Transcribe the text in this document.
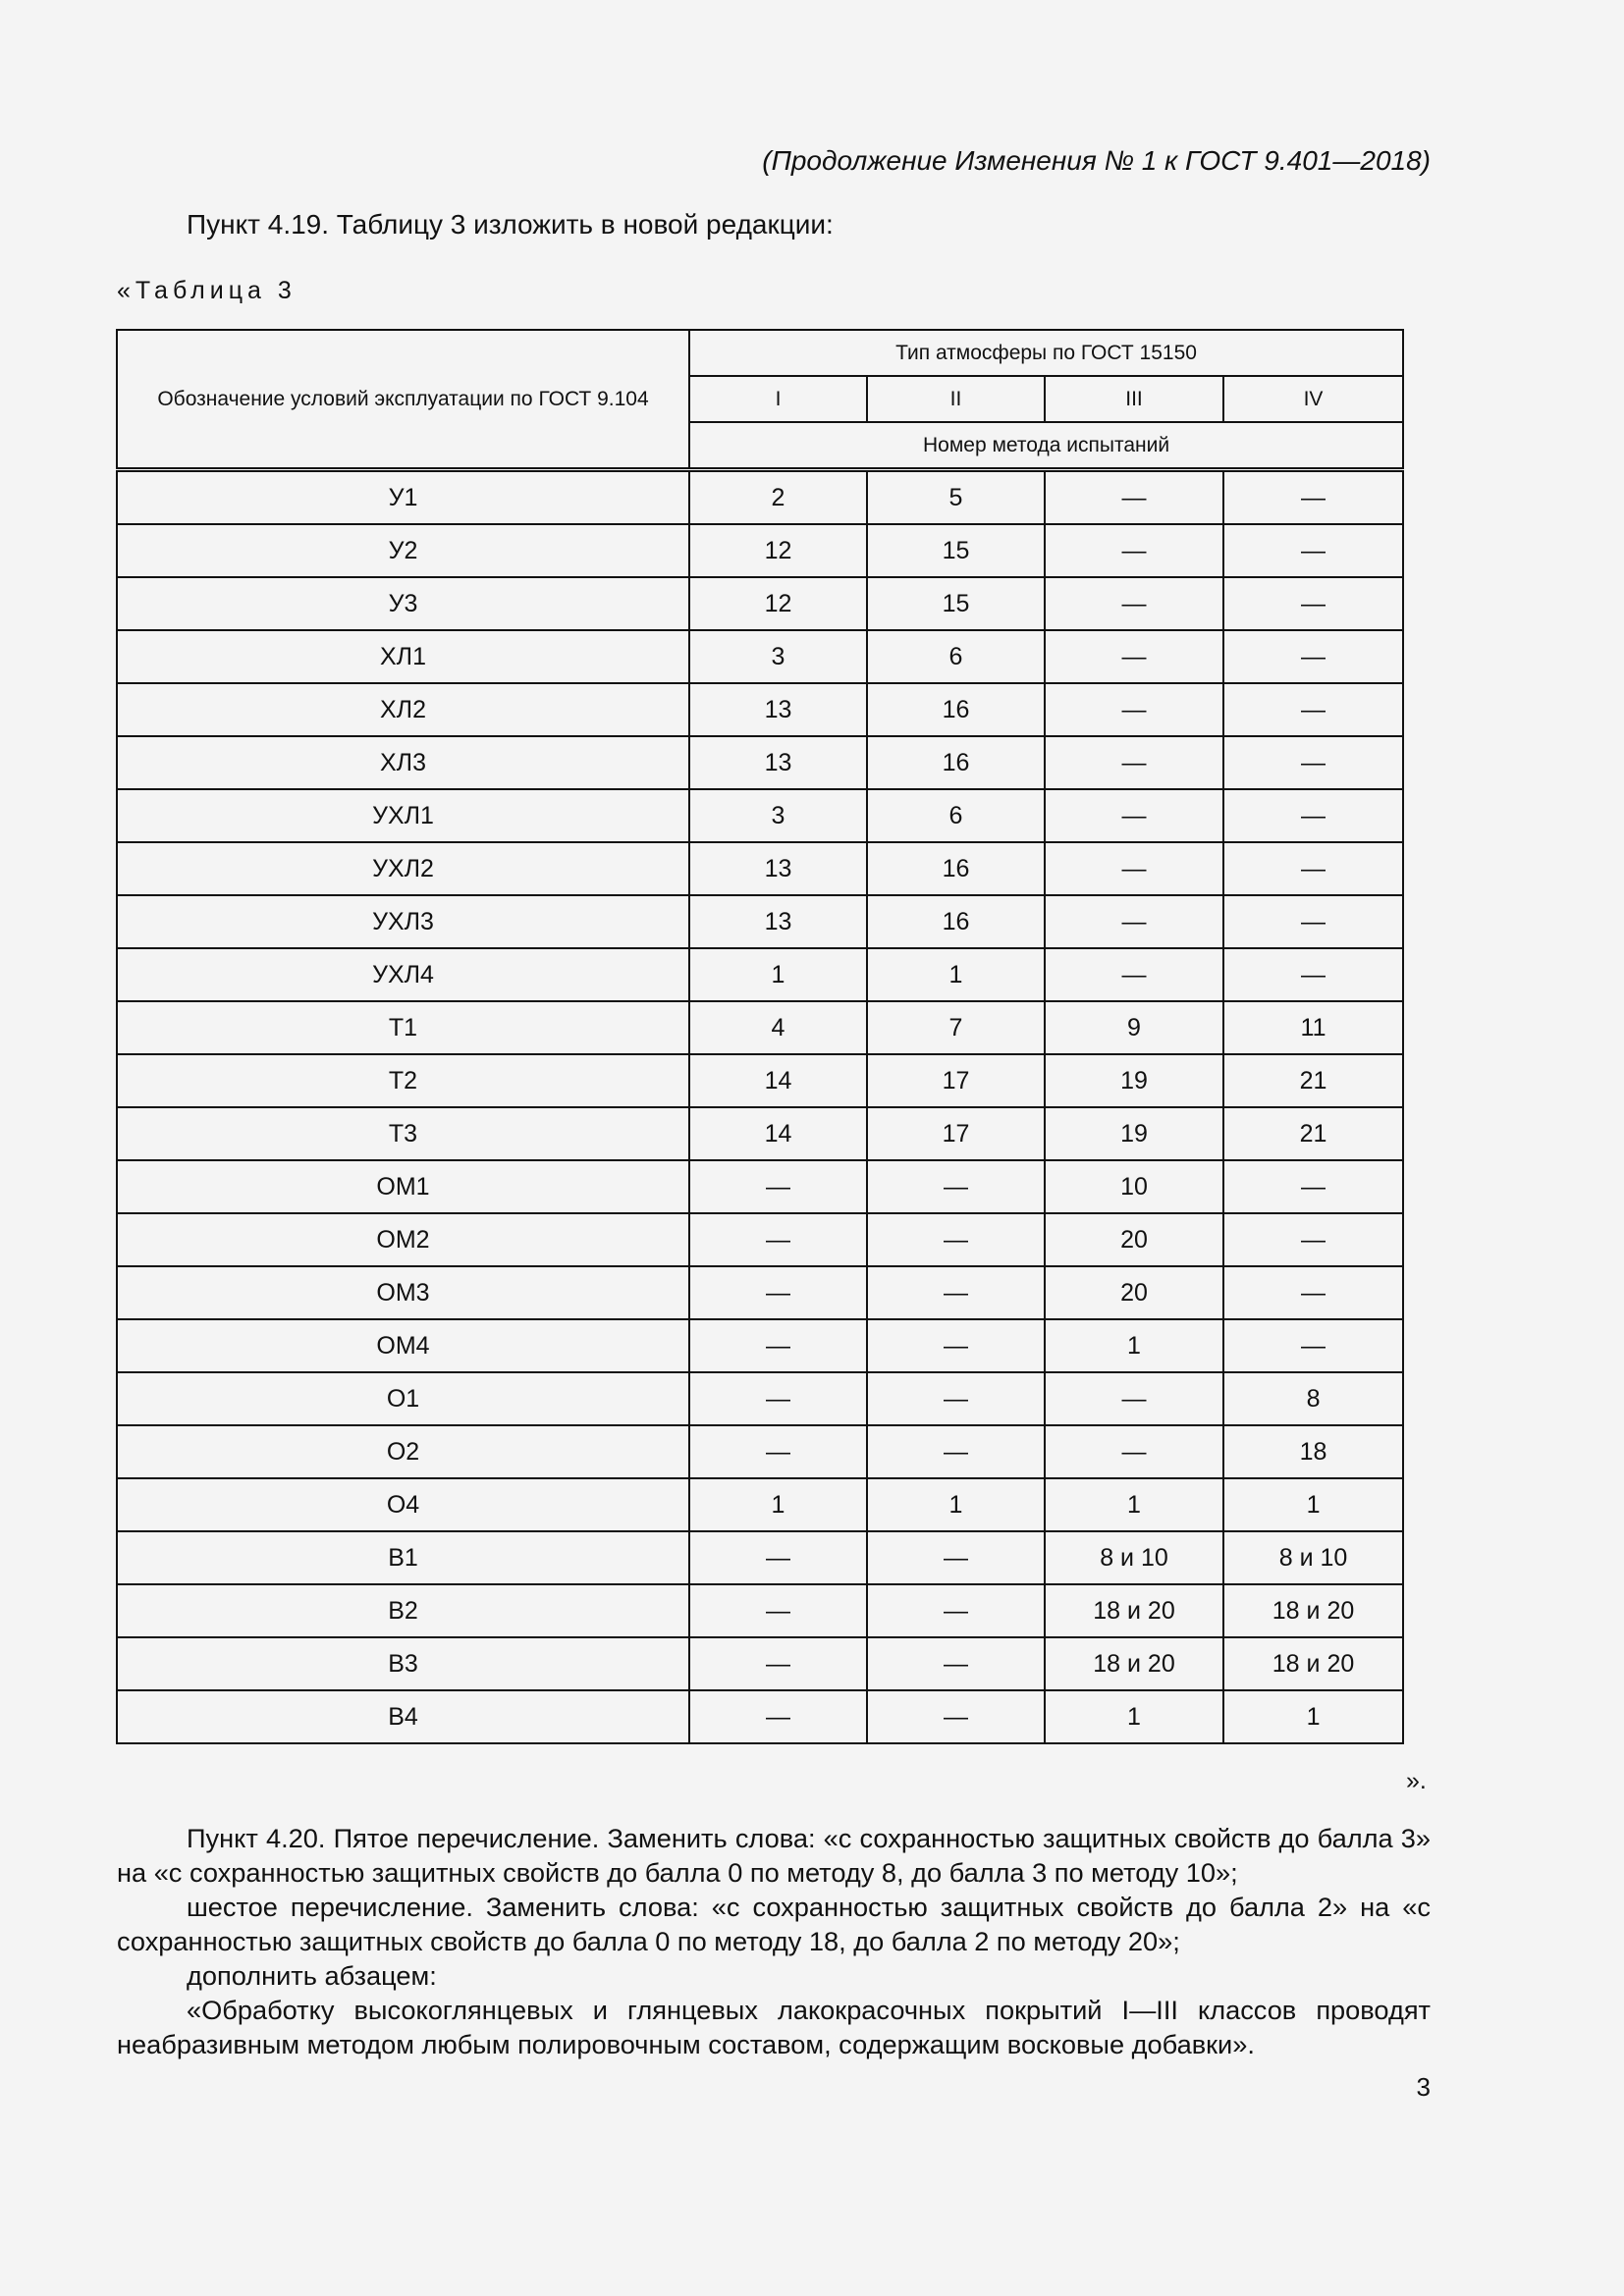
(Продолжение Изменения № 1 к ГОСТ 9.401—2018)
Пункт 4.19. Таблицу 3 изложить в новой редакции:
«Таблица 3
Обозначение условий эксплуатации по ГОСТ 9.104	Тип атмосферы по ГОСТ 15150			
	I	II	III	IV
	Номер метода испытаний			
У1	2	5	—	—
У2	12	15	—	—
У3	12	15	—	—
ХЛ1	3	6	—	—
ХЛ2	13	16	—	—
ХЛ3	13	16	—	—
УХЛ1	3	6	—	—
УХЛ2	13	16	—	—
УХЛ3	13	16	—	—
УХЛ4	1	1	—	—
Т1	4	7	9	11
Т2	14	17	19	21
Т3	14	17	19	21
ОМ1	—	—	10	—
ОМ2	—	—	20	—
ОМ3	—	—	20	—
ОМ4	—	—	1	—
О1	—	—	—	8
О2	—	—	—	18
О4	1	1	1	1
В1	—	—	8 и 10	8 и 10
В2	—	—	18 и 20	18 и 20
В3	—	—	18 и 20	18 и 20
В4	—	—	1	1
».
Пункт 4.20. Пятое перечисление. Заменить слова: «с сохранностью защитных свойств до балла 3» на «с сохранностью защитных свойств до балла 0 по методу 8, до балла 3 по методу 10»;
шестое перечисление. Заменить слова: «с сохранностью защитных свойств до балла 2» на «с сохранностью защитных свойств до балла 0 по методу 18, до балла 2 по методу 20»;
дополнить абзацем:
«Обработку высокоглянцевых и глянцевых лакокрасочных покрытий I—III классов проводят неабразивным методом любым полировочным составом, содержащим восковые добавки».
3
